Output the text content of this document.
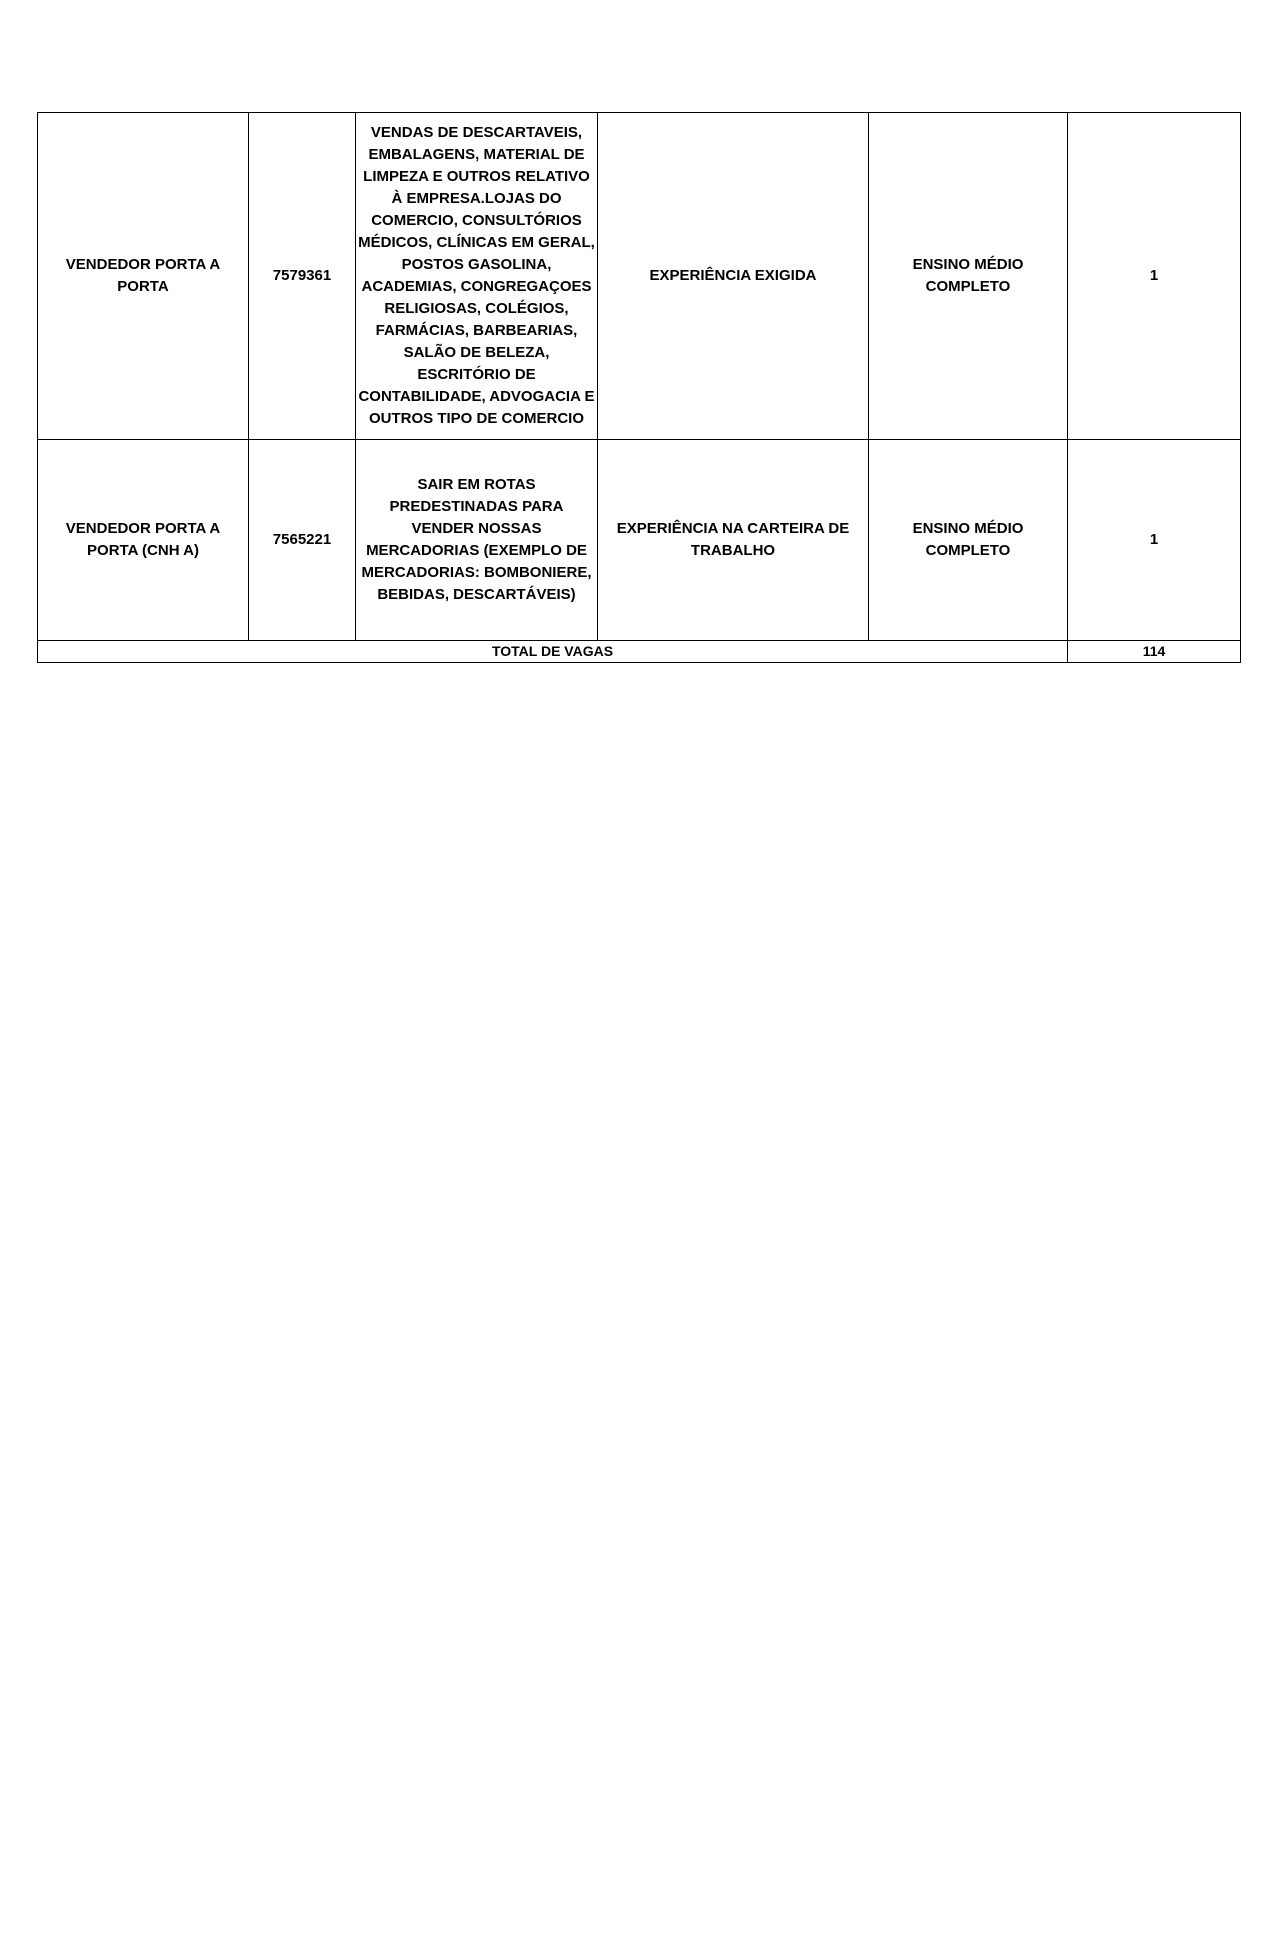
VENDEDOR PORTA A PORTA	7579361	VENDAS DE DESCARTAVEIS, EMBALAGENS, MATERIAL DE LIMPEZA E OUTROS RELATIVO À EMPRESA.LOJAS DO COMERCIO, CONSULTÓRIOS MÉDICOS, CLÍNICAS EM GERAL, POSTOS GASOLINA, ACADEMIAS, CONGREGAÇOES RELIGIOSAS, COLÉGIOS, FARMÁCIAS, BARBEARIAS, SALÃO DE BELEZA, ESCRITÓRIO DE CONTABILIDADE, ADVOGACIA E OUTROS TIPO DE COMERCIO	EXPERIÊNCIA EXIGIDA	ENSINO MÉDIO COMPLETO	1
VENDEDOR PORTA A PORTA (CNH A)	7565221	SAIR EM ROTAS PREDESTINADAS PARA VENDER NOSSAS MERCADORIAS (EXEMPLO DE MERCADORIAS: BOMBONIERE, BEBIDAS, DESCARTÁVEIS)	EXPERIÊNCIA NA CARTEIRA DE TRABALHO	ENSINO MÉDIO COMPLETO	1
TOTAL DE VAGAS					114
